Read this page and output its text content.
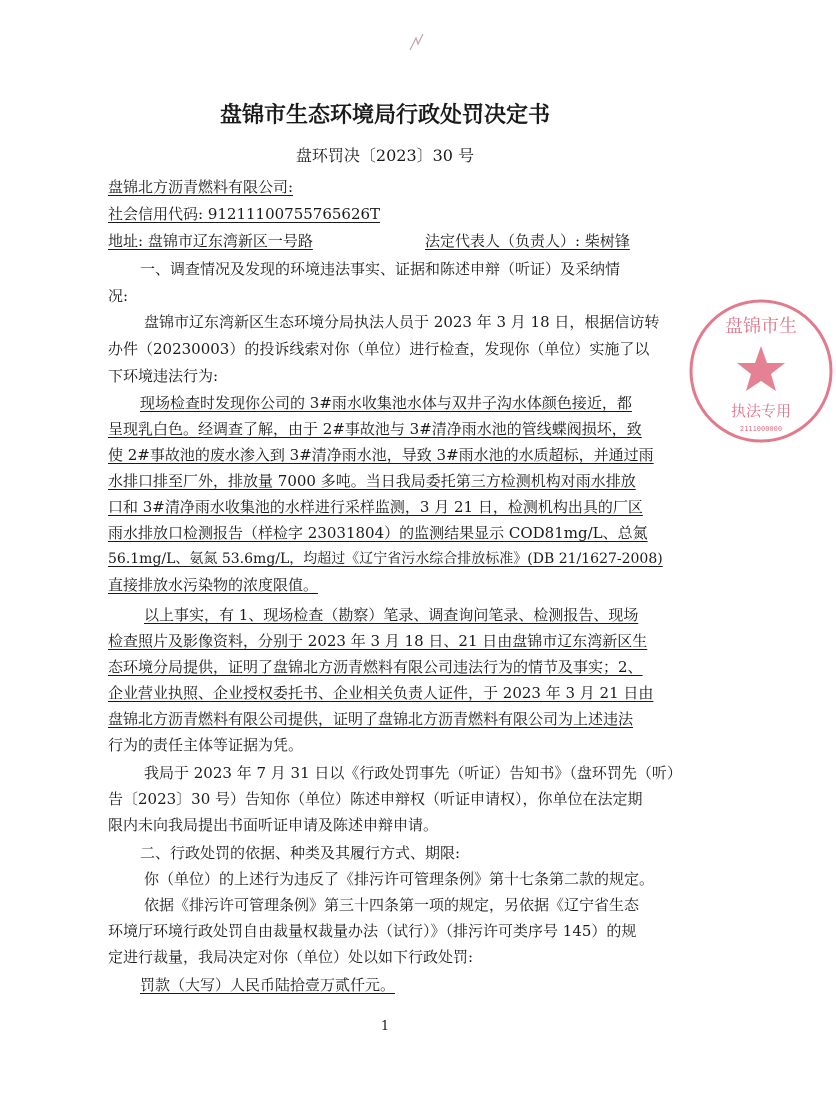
盘锦市生态环境局行政处罚决定书
盘环罚决〔2023〕30 号
盘锦北方沥青燃料有限公司:
社会信用代码: 91211100755765626T
地址: 盘锦市辽东湾新区一号路	法定代表人（负责人）: 柴树锋
一、调查情况及发现的环境违法事实、证据和陈述申辩（听证）及采纳情
况:
盘锦市辽东湾新区生态环境分局执法人员于 2023 年 3 月 18 日，根据信访转
办件（20230003）的投诉线索对你（单位）进行检查，发现你（单位）实施了以
下环境违法行为:
现场检查时发现你公司的 3#雨水收集池水体与双井子沟水体颜色接近，都
呈现乳白色。经调查了解，由于 2#事故池与 3#清净雨水池的管线蝶阀损坏，致
使 2#事故池的废水渗入到 3#清净雨水池，导致 3#雨水池的水质超标，并通过雨
水排口排至厂外，排放量 7000 多吨。当日我局委托第三方检测机构对雨水排放
口和 3#清净雨水收集池的水样进行采样监测，3 月 21 日，检测机构出具的厂区
雨水排放口检测报告（样检字 23031804）的监测结果显示 COD81mg/L、总氮
56.1mg/L、氨氮 53.6mg/L，均超过《辽宁省污水综合排放标准》(DB 21/1627-2008)
直接排放水污染物的浓度限值。
以上事实，有 1、现场检查（勘察）笔录、调查询问笔录、检测报告、现场
检查照片及影像资料，分别于 2023 年 3 月 18 日、21 日由盘锦市辽东湾新区生
态环境分局提供，证明了盘锦北方沥青燃料有限公司违法行为的情节及事实；2、
企业营业执照、企业授权委托书、企业相关负责人证件，于 2023 年 3 月 21 日由
盘锦北方沥青燃料有限公司提供，证明了盘锦北方沥青燃料有限公司为上述违法
行为的责任主体等证据为凭。
我局于 2023 年 7 月 31 日以《行政处罚事先（听证）告知书》（盘环罚先（听）
告〔2023〕30 号）告知你（单位）陈述申辩权（听证申请权），你单位在法定期
限内未向我局提出书面听证申请及陈述申辩申请。
二、行政处罚的依据、种类及其履行方式、期限:
你（单位）的上述行为违反了《排污许可管理条例》第十七条第二款的规定。
依据《排污许可管理条例》第三十四条第一项的规定，另依据《辽宁省生态
环境厅环境行政处罚自由裁量权裁量办法（试行）》（排污许可类序号 145）的规
定进行裁量，我局决定对你（单位）处以如下行政处罚:
罚款（大写）人民币陆拾壹万贰仟元。
1
盘锦市生
执法专用
2111000000
